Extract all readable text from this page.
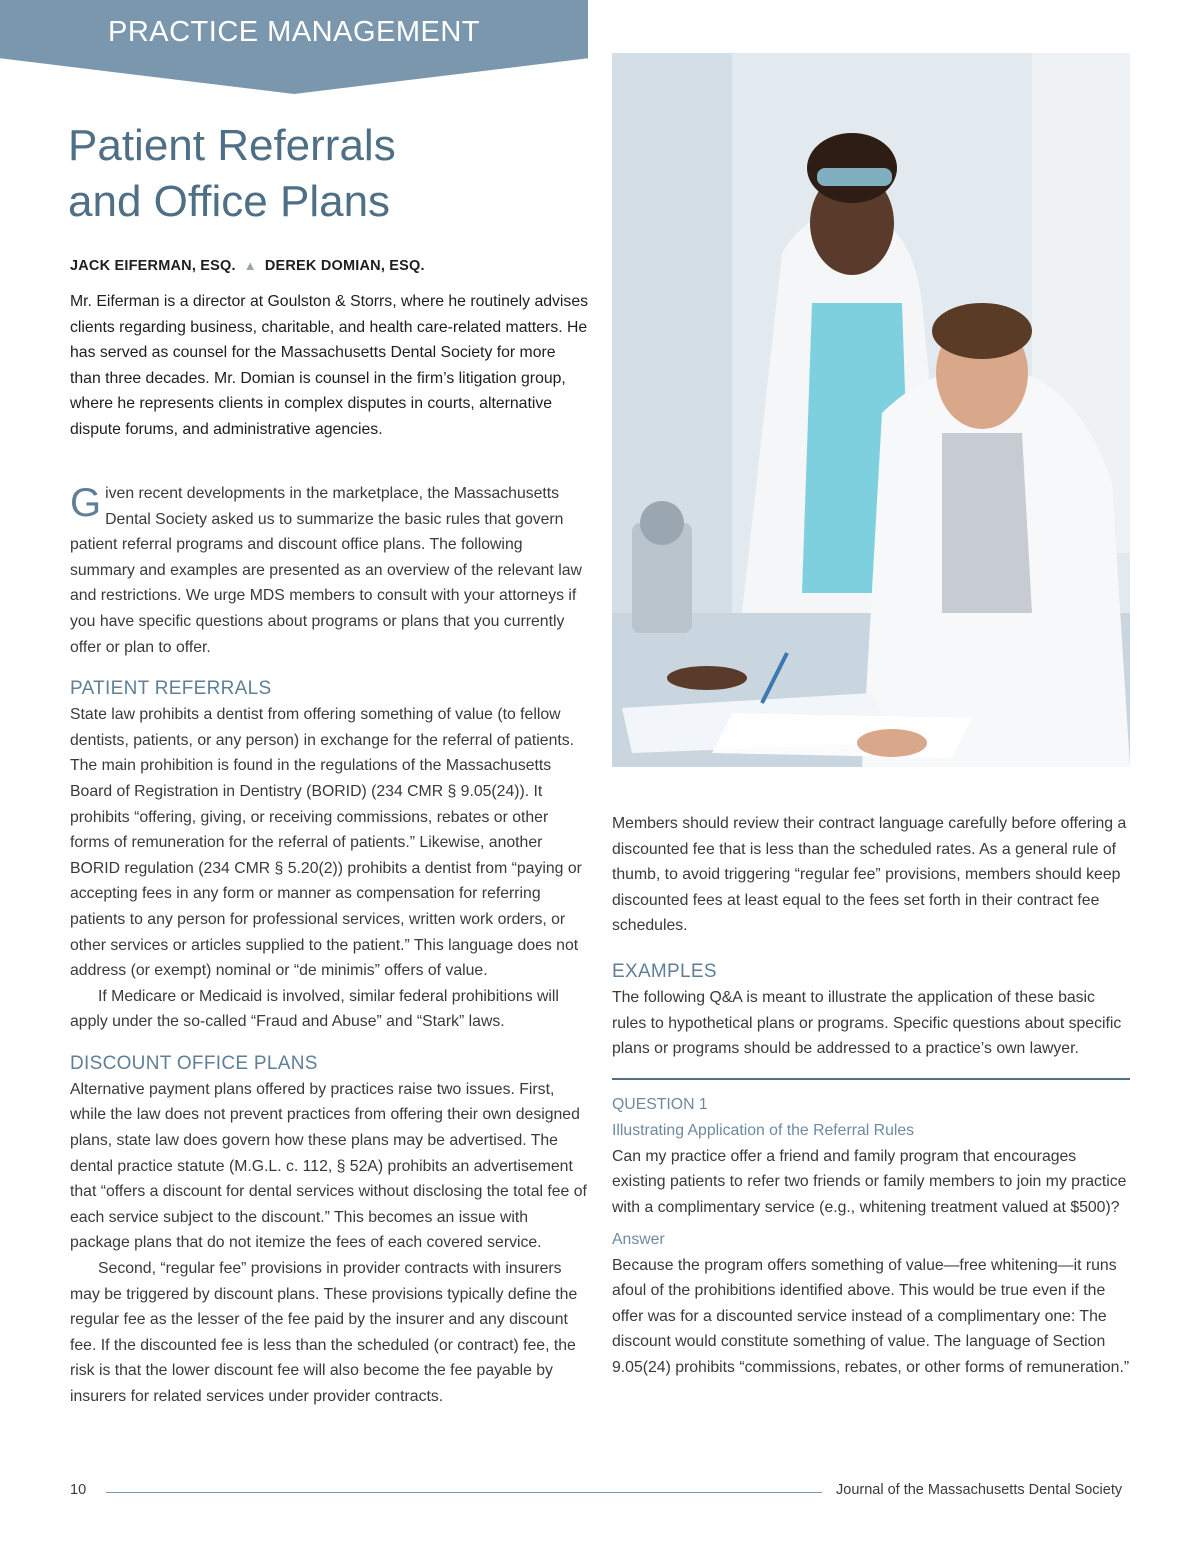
PRACTICE MANAGEMENT
Patient Referrals
and Office Plans
JACK EIFERMAN, ESQ. ▲ DEREK DOMIAN, ESQ.

Mr. Eiferman is a director at Goulston & Storrs, where he routinely advises clients regarding business, charitable, and health care-related matters. He has served as counsel for the Massachusetts Dental Society for more than three decades. Mr. Domian is counsel in the firm’s litigation group, where he represents clients in complex disputes in courts, alternative dispute forums, and administrative agencies.

Given recent developments in the marketplace, the Massachusetts Dental Society asked us to summarize the basic rules that govern patient referral programs and discount office plans. The following summary and examples are presented as an overview of the relevant law and restrictions. We urge MDS members to consult with your attorneys if you have specific questions about programs or plans that you currently offer or plan to offer.

PATIENT REFERRALS

State law prohibits a dentist from offering something of value (to fellow dentists, patients, or any person) in exchange for the referral of patients. The main prohibition is found in the regulations of the Massachusetts Board of Registration in Dentistry (BORID) (234 CMR § 9.05(24)). It prohibits “offering, giving, or receiving commissions, rebates or other forms of remuneration for the referral of patients.” Likewise, another BORID regulation (234 CMR § 5.20(2)) prohibits a dentist from “paying or accepting fees in any form or manner as compensation for referring patients to any person for professional services, written work orders, or other services or articles supplied to the patient.” This language does not address (or exempt) nominal or “de minimis” offers of value.

If Medicare or Medicaid is involved, similar federal prohibitions will apply under the so-called “Fraud and Abuse” and “Stark” laws.

DISCOUNT OFFICE PLANS

Alternative payment plans offered by practices raise two issues. First, while the law does not prevent practices from offering their own designed plans, state law does govern how these plans may be advertised. The dental practice statute (M.G.L. c. 112, § 52A) prohibits an advertisement that “offers a discount for dental services without disclosing the total fee of each service subject to the discount.” This becomes an issue with package plans that do not itemize the fees of each covered service.

Second, “regular fee” provisions in provider contracts with insurers may be triggered by discount plans. These provisions typically define the regular fee as the lesser of the fee paid by the insurer and any discount fee. If the discounted fee is less than the scheduled (or contract) fee, the risk is that the lower discount fee will also become the fee payable by insurers for related services under provider contracts.

Members should review their contract language carefully before offering a discounted fee that is less than the scheduled rates. As a general rule of thumb, to avoid triggering “regular fee” provisions, members should keep discounted fees at least equal to the fees set forth in their contract fee schedules.

EXAMPLES

The following Q&A is meant to illustrate the application of these basic rules to hypothetical plans or programs. Specific questions about specific plans or programs should be addressed to a practice’s own lawyer.

QUESTION 1

Illustrating Application of the Referral Rules

Can my practice offer a friend and family program that encourages existing patients to refer two friends or family members to join my practice with a complimentary service (e.g., whitening treatment valued at $500)?

Answer

Because the program offers something of value—free whitening—it runs afoul of the prohibitions identified above. This would be true even if the offer was for a discounted service instead of a complimentary one: The discount would constitute something of value. The language of Section 9.05(24) prohibits “commissions, rebates, or other forms of remuneration.”

10	Journal of the Massachusetts Dental Society
